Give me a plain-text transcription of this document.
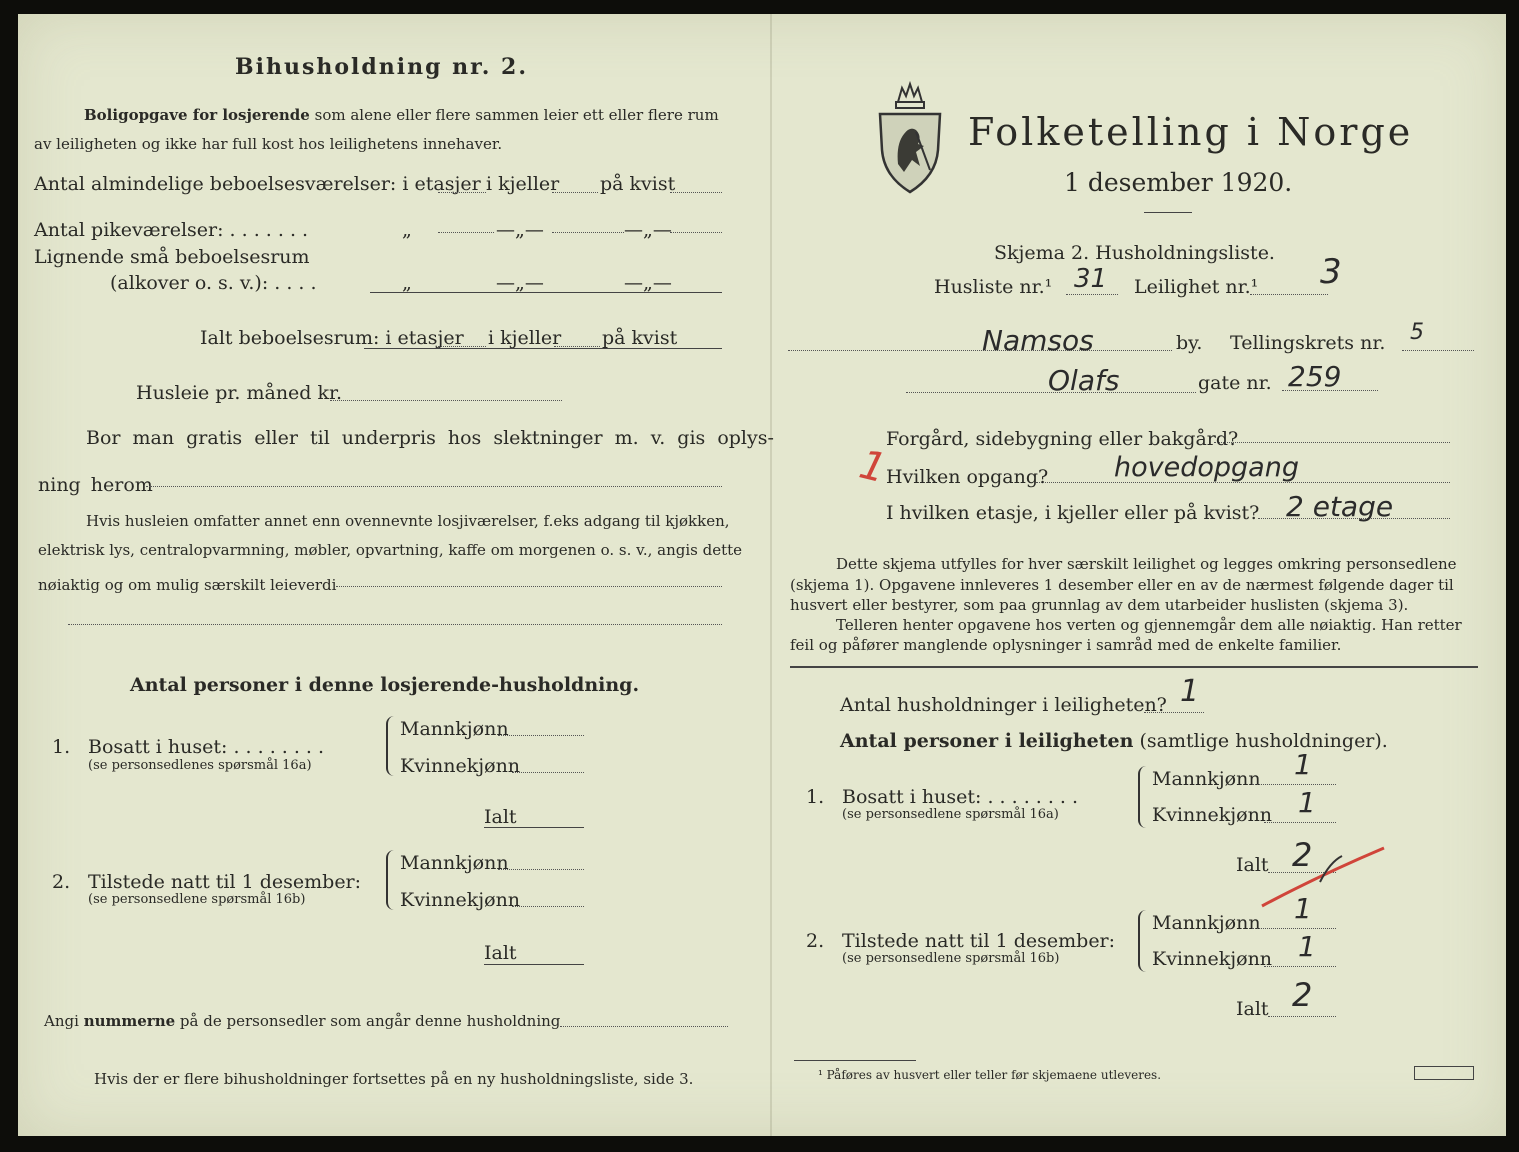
Bihusholdning nr. 2.
Boligopgave for losjerende som alene eller flere sammen leier ett eller flere rum
av leiligheten og ikke har full kost hos leilighetens innehaver.
Antal almindelige beboelsesværelser: i etasjer i kjeller på kvist
Antal pikeværelser: . . . . . . .	„	—„—	—„—
Lignende små beboelsesrum
(alkover o. s. v.): . . . .	„	—„—	—„—
Ialt beboelsesrum: i etasjer i kjeller på kvist
Husleie pr. måned kr.
Bor man gratis eller til underpris hos slektninger m. v. gis oplys-
ning herom
Hvis husleien omfatter annet enn ovennevnte losjiværelser, f.eks adgang til kjøkken,
elektrisk lys, centralopvarmning, møbler, opvartning, kaffe om morgenen o. s. v., angis dette
nøiaktig og om mulig særskilt leieverdi
Antal personer i denne losjerende-husholdning.
1. Bosatt i huset: . . . . . . . .
(se personsedlenes spørsmål 16a)
Mannkjønn
Kvinnekjønn
Ialt
2. Tilstede natt til 1 desember:
(se personsedlene spørsmål 16b)
Mannkjønn
Kvinnekjønn
Ialt
Angi nummerne på de personsedler som angår denne husholdning
Hvis der er flere bihusholdninger fortsettes på en ny husholdningsliste, side 3.
Folketelling i Norge
1 desember 1920.
Skjema 2. Husholdningsliste.
Husliste nr.¹ 31 Leilighet nr.¹ 3
Namsos	by. Tellingskrets nr. 5
Olafs	gate nr. 259
Forgård, sidebygning eller bakgård?
1
Hvilken opgang? hovedopgang
I hvilken etasje, i kjeller eller på kvist? 2 etage
Dette skjema utfylles for hver særskilt leilighet og legges omkring personsedlene
(skjema 1). Opgavene innleveres 1 desember eller en av de nærmest følgende dager til
husvert eller bestyrer, som paa grunnlag av dem utarbeider huslisten (skjema 3).
Telleren henter opgavene hos verten og gjennemgår dem alle nøiaktig. Han retter
feil og påfører manglende oplysninger i samråd med de enkelte familier.
Antal husholdninger i leiligheten? 1
Antal personer i leiligheten (samtlige husholdninger).
1. Bosatt i huset: . . . . . . . .
(se personsedlene spørsmål 16a)
Mannkjønn 1
Kvinnekjønn 1
Ialt 2
2. Tilstede natt til 1 desember:
(se personsedlene spørsmål 16b)
Mannkjønn 1
Kvinnekjønn 1
Ialt 2
¹ Påføres av husvert eller teller før skjemaene utleveres.
